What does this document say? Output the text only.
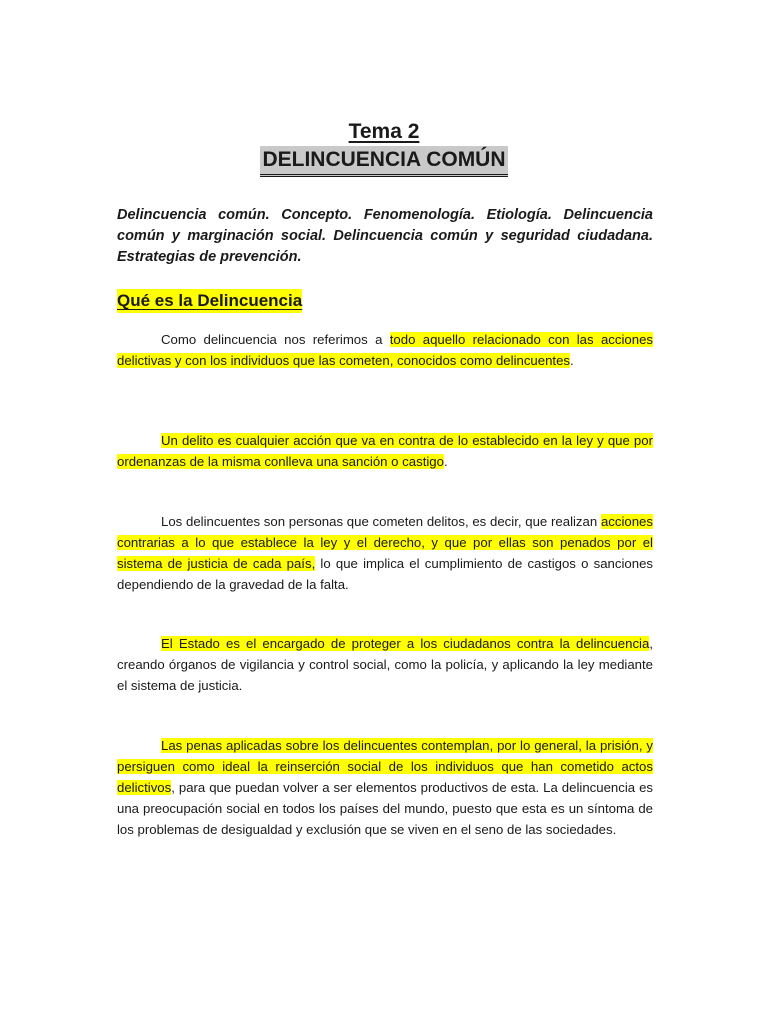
Tema 2
DELINCUENCIA COMÚN
Delincuencia común. Concepto. Fenomenología. Etiología. Delincuencia común y marginación social. Delincuencia común y seguridad ciudadana. Estrategias de prevención.
Qué es la Delincuencia

Como delincuencia nos referimos a todo aquello relacionado con las acciones delictivas y con los individuos que las cometen, conocidos como delincuentes.

Un delito es cualquier acción que va en contra de lo establecido en la ley y que por ordenanzas de la misma conlleva una sanción o castigo.

Los delincuentes son personas que cometen delitos, es decir, que realizan acciones contrarias a lo que establece la ley y el derecho, y que por ellas son penados por el sistema de justicia de cada país, lo que implica el cumplimiento de castigos o sanciones dependiendo de la gravedad de la falta.

El Estado es el encargado de proteger a los ciudadanos contra la delincuencia, creando órganos de vigilancia y control social, como la policía, y aplicando la ley mediante el sistema de justicia.

Las penas aplicadas sobre los delincuentes contemplan, por lo general, la prisión, y persiguen como ideal la reinserción social de los individuos que han cometido actos delictivos, para que puedan volver a ser elementos productivos de esta. La delincuencia es una preocupación social en todos los países del mundo, puesto que esta es un síntoma de los problemas de desigualdad y exclusión que se viven en el seno de las sociedades.
